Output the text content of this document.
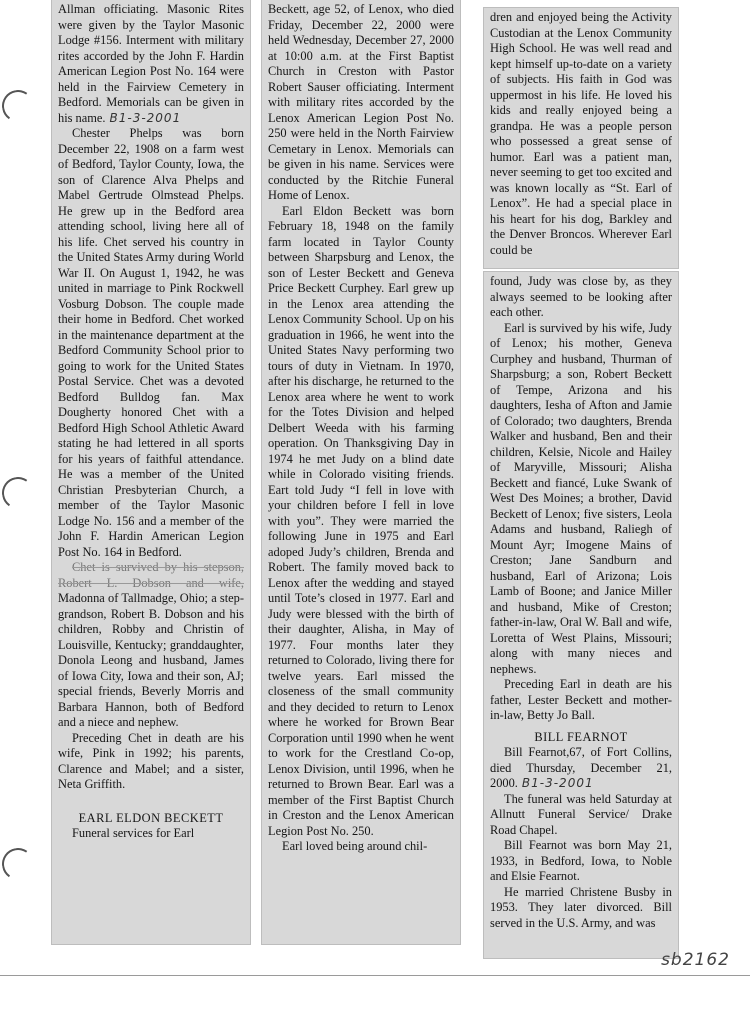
Allman officiating. Masonic Rites were given by the Taylor Masonic Lodge #156. Interment with military rites accorded by the John F. Hardin American Legion Post No. 164 were held in the Fairview Cemetery in Bedford. Memorials can be given in his name. B1-3-2001

Chester Phelps was born December 22, 1908 on a farm west of Bedford, Taylor County, Iowa, the son of Clarence Alva Phelps and Mabel Gertrude Olmstead Phelps. He grew up in the Bedford area attending school, living here all of his life. Chet served his country in the United States Army during World War II. On August 1, 1942, he was united in marriage to Pink Rockwell Vosburg Dobson. The couple made their home in Bedford. Chet worked in the maintenance department at the Bedford Community School prior to going to work for the United States Postal Service. Chet was a devoted Bedford Bulldog fan. Max Dougherty honored Chet with a Bedford High School Athletic Award stating he had lettered in all sports for his years of faithful attendance. He was a member of the United Christian Presbyterian Church, a member of the Taylor Masonic Lodge No. 156 and a member of the John F. Hardin American Legion Post No. 164 in Bedford.

Chet is survived by his stepson, Robert L. Dobson and wife, Madonna of Tallmadge, Ohio; a step-grandson, Robert B. Dobson and his children, Robby and Christin of Louisville, Kentucky; granddaughter, Donola Leong and husband, James of Iowa City, Iowa and their son, AJ; special friends, Beverly Morris and Barbara Hannon, both of Bedford and a niece and nephew.

Preceding Chet in death are his wife, Pink in 1992; his parents, Clarence and Mabel; and a sister, Neta Griffith.

EARL ELDON BECKETT

Funeral services for Earl

Beckett, age 52, of Lenox, who died Friday, December 22, 2000 were held Wednesday, December 27, 2000 at 10:00 a.m. at the First Baptist Church in Creston with Pastor Robert Sauser officiating. Interment with military rites accorded by the Lenox American Legion Post No. 250 were held in the North Fairview Cemetary in Lenox. Memorials can be given in his name. Services were conducted by the Ritchie Funeral Home of Lenox.

Earl Eldon Beckett was born February 18, 1948 on the family farm located in Taylor County between Sharpsburg and Lenox, the son of Lester Beckett and Geneva Price Beckett Curphey. Earl grew up in the Lenox area attending the Lenox Community School. Up on his graduation in 1966, he went into the United States Navy performing two tours of duty in Vietnam. In 1970, after his discharge, he returned to the Lenox area where he went to work for the Totes Division and helped Delbert Weeda with his farming operation. On Thanksgiving Day in 1974 he met Judy on a blind date while in Colorado visiting friends. Eart told Judy “I fell in love with your children before I fell in love with you”. They were married the following June in 1975 and Earl adoped Judy’s children, Brenda and Robert. The family moved back to Lenox after the wedding and stayed until Tote’s closed in 1977. Earl and Judy were blessed with the birth of their daughter, Alisha, in May of 1977. Four months later they returned to Colorado, living there for twelve years. Earl missed the closeness of the small community and they decided to return to Lenox where he worked for Brown Bear Corporation until 1990 when he went to work for the Crestland Co-op, Lenox Division, until 1996, when he returned to Brown Bear. Earl was a member of the First Baptist Church in Creston and the Lenox American Legion Post No. 250.

Earl loved being around chil-

dren and enjoyed being the Activity Custodian at the Lenox Community High School. He was well read and kept himself up-to-date on a variety of subjects. His faith in God was uppermost in his life. He loved his kids and really enjoyed being a grandpa. He was a people person who possessed a great sense of humor. Earl was a patient man, never seeming to get too excited and was known locally as “St. Earl of Lenox”. He had a special place in his heart for his dog, Barkley and the Denver Broncos. Wherever Earl could be

found, Judy was close by, as they always seemed to be looking after each other.

Earl is survived by his wife, Judy of Lenox; his mother, Geneva Curphey and husband, Thurman of Sharpsburg; a son, Robert Beckett of Tempe, Arizona and his daughters, Iesha of Afton and Jamie of Colorado; two daughters, Brenda Walker and husband, Ben and their children, Kelsie, Nicole and Hailey of Maryville, Missouri; Alisha Beckett and fiancé, Luke Swank of West Des Moines; a brother, David Beckett of Lenox; five sisters, Leola Adams and husband, Raliegh of Mount Ayr; Imogene Mains of Creston; Jane Sandburn and husband, Earl of Arizona; Lois Lamb of Boone; and Janice Miller and husband, Mike of Creston; father-in-law, Oral W. Ball and wife, Loretta of West Plains, Missouri; along with many nieces and nephews.

Preceding Earl in death are his father, Lester Beckett and mother-in-law, Betty Jo Ball.

BILL FEARNOT

Bill Fearnot,67, of Fort Collins, died Thursday, December 21, 2000. B1-3-2001

The funeral was held Saturday at Allnutt Funeral Service/ Drake Road Chapel.

Bill Fearnot was born May 21, 1933, in Bedford, Iowa, to Noble and Elsie Fearnot.

He married Christene Busby in 1953. They later divorced. Bill served in the U.S. Army, and was

sb2162
